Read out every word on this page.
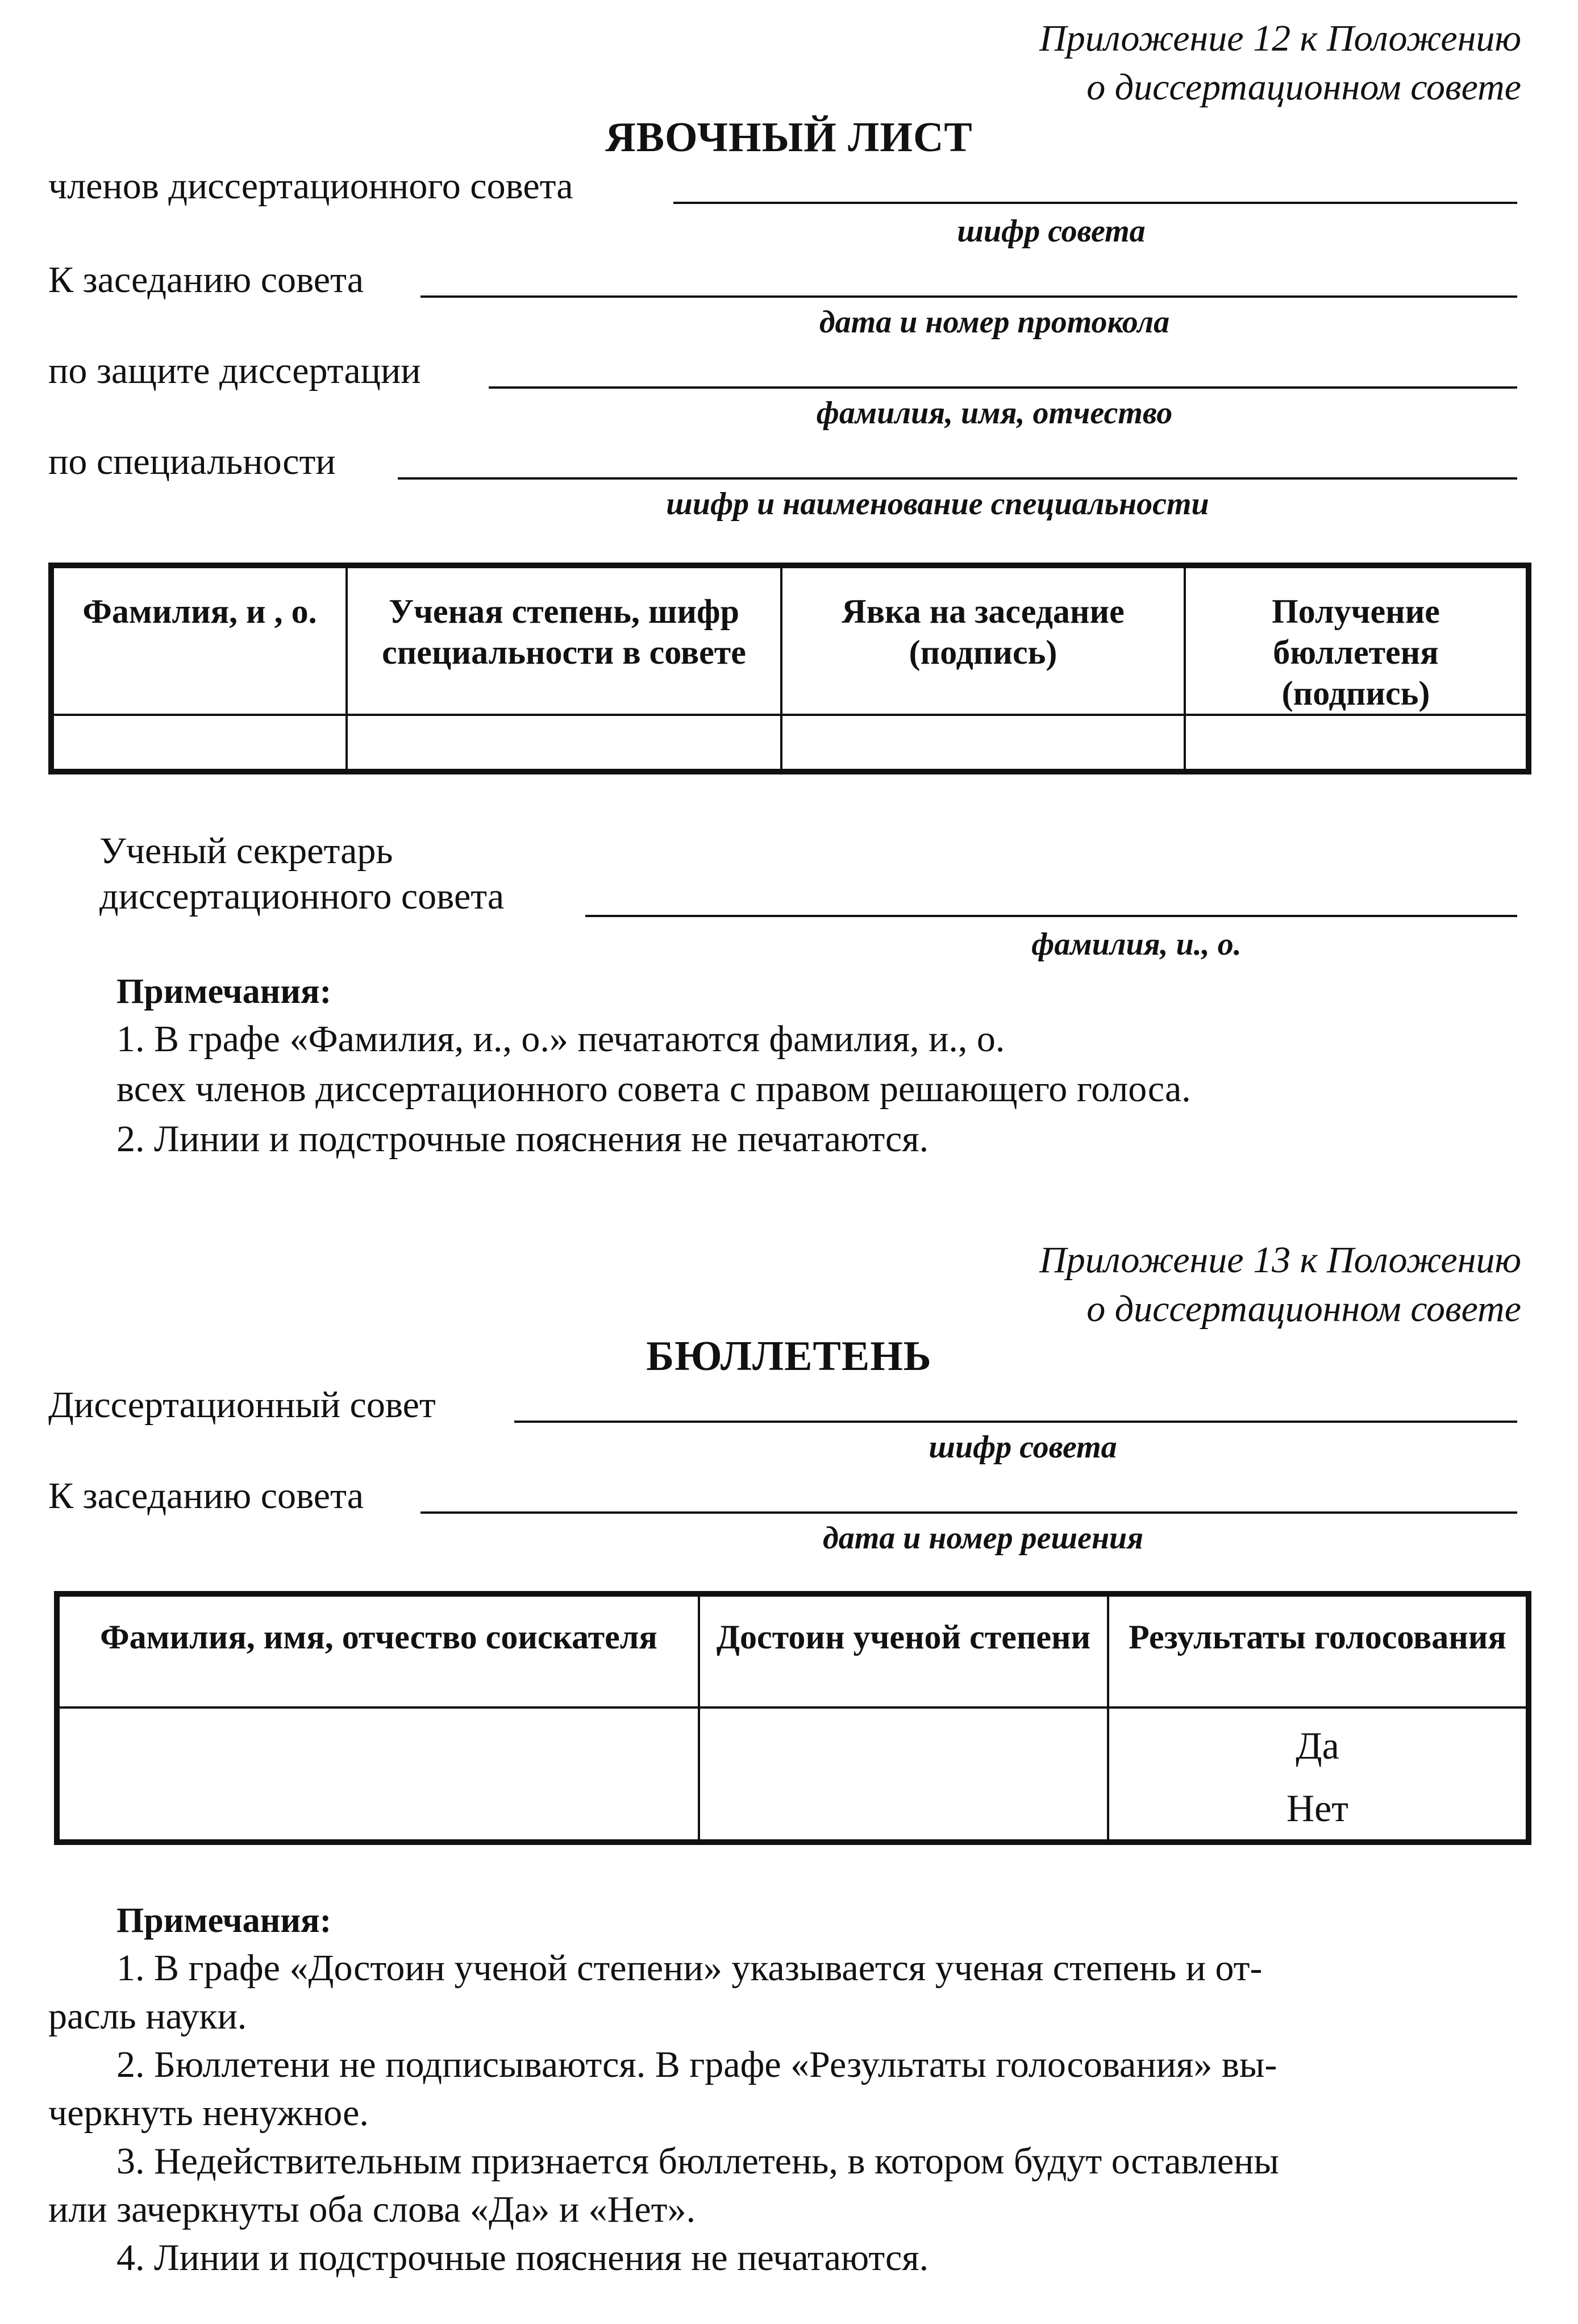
Приложение 12 к Положению
о диссертационном совете
ЯВОЧНЫЙ ЛИСТ
членов диссертационного совета
шифр совета
К заседанию совета
дата и номер протокола
по защите диссертации
фамилия, имя, отчество
по специальности
шифр и наименование специальности
Фамилия, и , о.	Ученая степень, шифр специальности в совете	Явка на заседание (подпись)	Получение бюллетеня (подпись)

Ученый секретарь
диссертационного совета
фамилия, и., о.
Примечания:
1. В графе «Фамилия, и., о.» печатаются фамилия, и., о.
всех членов диссертационного совета с правом решающего голоса.
2. Линии и подстрочные пояснения не печатаются.
Приложение 13 к Положению
о диссертационном совете
БЮЛЛЕТЕНЬ
Диссертационный совет
шифр совета
К заседанию совета
дата и номер решения
Фамилия, имя, отчество соискателя	Достоин ученой степени	Результаты голосования

		Да
Нет
Примечания:
1. В графе «Достоин ученой степени» указывается ученая степень и от-
расль науки.
2. Бюллетени не подписываются. В графе «Результаты голосования» вы-
черкнуть ненужное.
3. Недействительным признается бюллетень, в котором будут оставлены
или зачеркнуты оба слова «Да» и «Нет».
4. Линии и подстрочные пояснения не печатаются.
